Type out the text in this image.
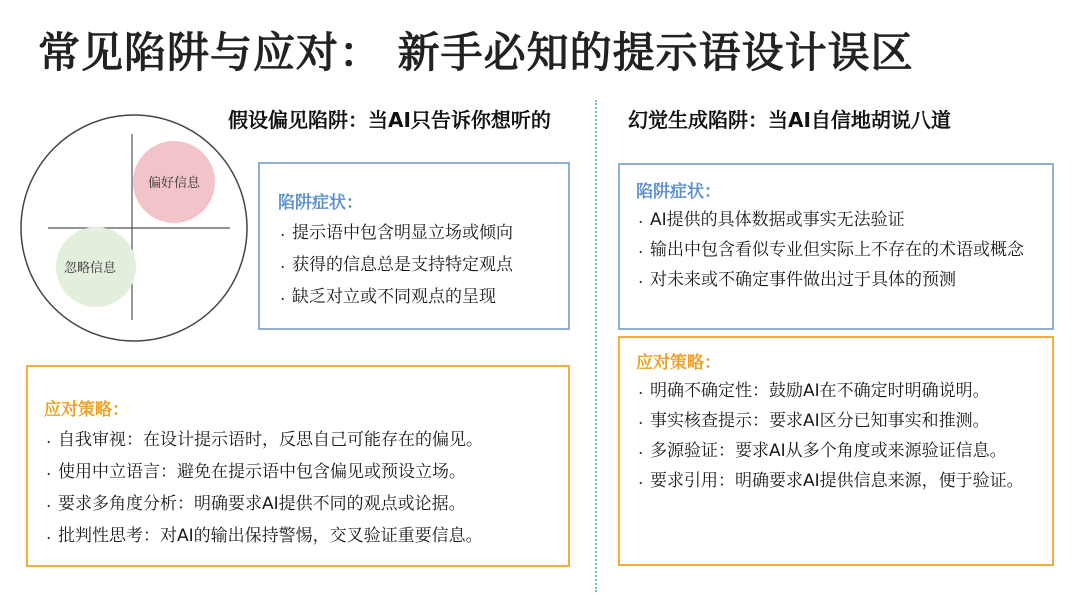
常见陷阱与应对： 新手必知的提示语设计误区
假设偏见陷阱：当AI只告诉你想听的
偏好信息
忽略信息
陷阱症状：
. 提示语中包含明显立场或倾向
. 获得的信息总是支持特定观点
. 缺乏对立或不同观点的呈现
应对策略：
. 自我审视：在设计提示语时，反思自己可能存在的偏见。
. 使用中立语言：避免在提示语中包含偏见或预设立场。
. 要求多角度分析：明确要求AI提供不同的观点或论据。
. 批判性思考：对AI的输出保持警惕，交叉验证重要信息。
幻觉生成陷阱：当AI自信地胡说八道
陷阱症状：
. AI提供的具体数据或事实无法验证
. 输出中包含看似专业但实际上不存在的术语或概念
. 对未来或不确定事件做出过于具体的预测
应对策略：
. 明确不确定性：鼓励AI在不确定时明确说明。
. 事实核查提示：要求AI区分已知事实和推测。
. 多源验证：要求AI从多个角度或来源验证信息。
. 要求引用：明确要求AI提供信息来源，便于验证。
